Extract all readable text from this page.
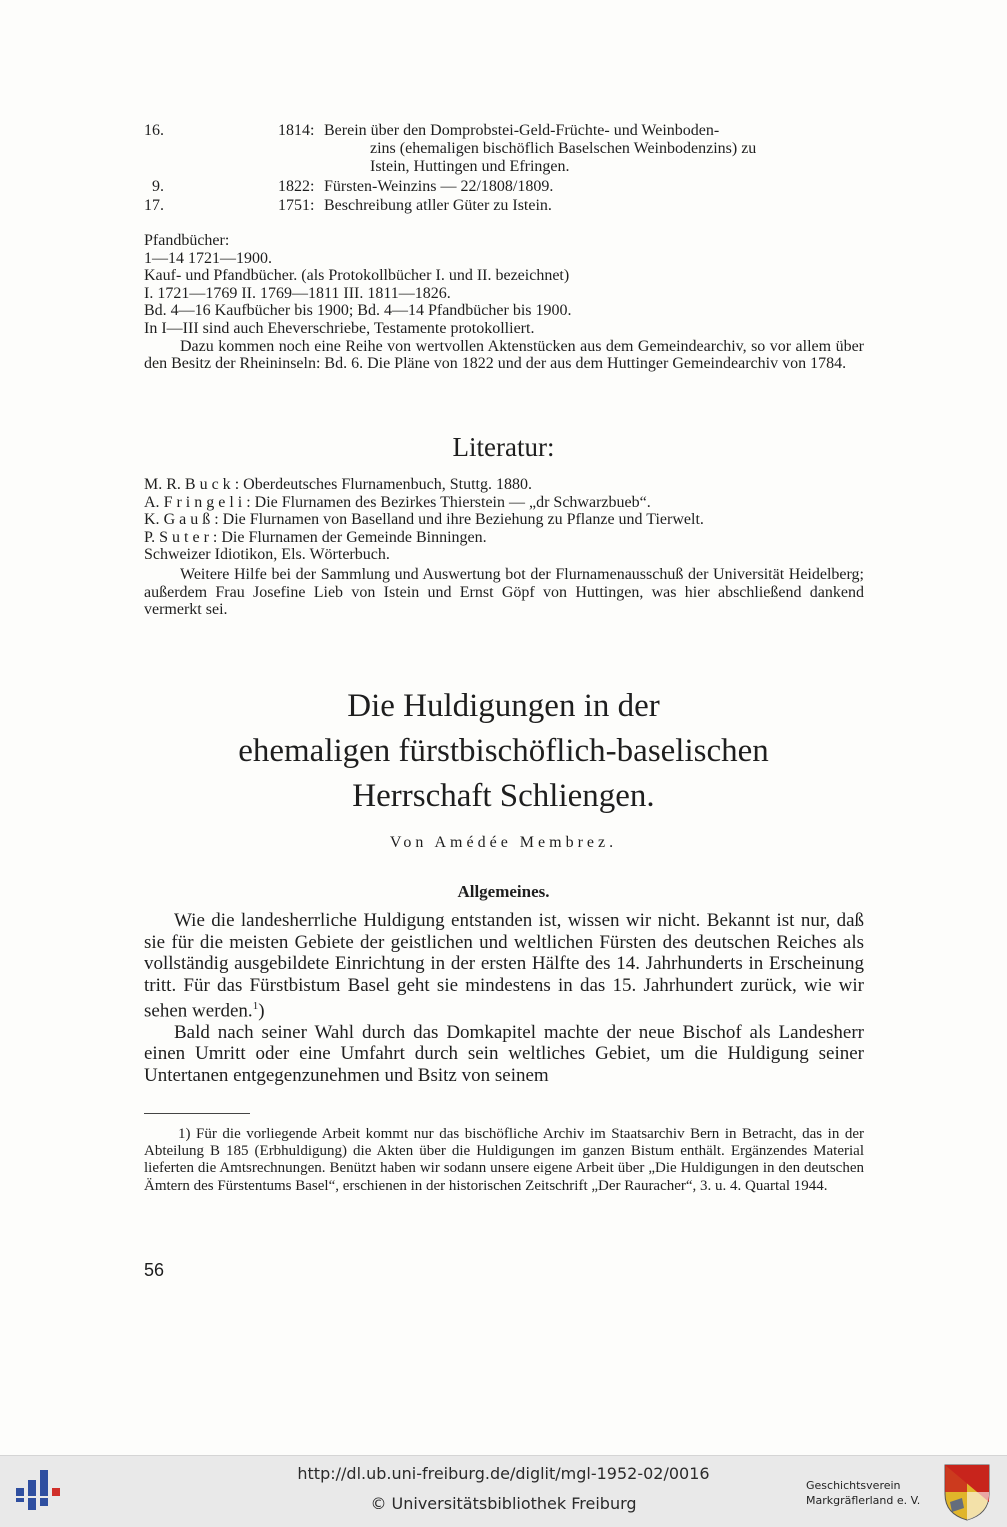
16.	1814: Berein über den Domprobstei-Geld-Früchte- und Weinboden-
zins (ehemaligen bischöflich Baselschen Weinbodenzins) zu
Istein, Huttingen und Efringen.
9.	1822: Fürsten-Weinzins — 22/1808/1809.
17.	1751: Beschreibung atller Güter zu Istein.
Pfandbücher:
1—14 1721—1900.
Kauf- und Pfandbücher. (als Protokollbücher I. und II. bezeichnet)
I. 1721—1769 II. 1769—1811 III. 1811—1826.
Bd. 4—16 Kaufbücher bis 1900; Bd. 4—14 Pfandbücher bis 1900.
In I—III sind auch Eheverschriebe, Testamente protokolliert.

Dazu kommen noch eine Reihe von wertvollen Aktenstücken aus dem Gemeindearchiv, so vor allem über den Besitz der Rheininseln: Bd. 6. Die Pläne von 1822 und der aus dem Huttinger Gemeindearchiv von 1784.

Literatur:
M. R. Buck: Oberdeutsches Flurnamenbuch, Stuttg. 1880.
A. Fringeli: Die Flurnamen des Bezirkes Thierstein — „dr Schwarzbueb“.
K. Gauß: Die Flurnamen von Baselland und ihre Beziehung zu Pflanze und Tierwelt.
P. Suter: Die Flurnamen der Gemeinde Binningen.
Schweizer Idiotikon, Els. Wörterbuch.

Weitere Hilfe bei der Sammlung und Auswertung bot der Flurnamenausschuß der Universität Heidelberg; außerdem Frau Josefine Lieb von Istein und Ernst Göpf von Huttingen, was hier abschließend dankend vermerkt sei.

Die Huldigungen in der
ehemaligen fürstbischöflich-baselischen
Herrschaft Schliengen.
Von Amédée Membrez.
Allgemeines.

Wie die landesherrliche Huldigung entstanden ist, wissen wir nicht. Bekannt ist nur, daß sie für die meisten Gebiete der geistlichen und weltlichen Fürsten des deutschen Reiches als vollständig ausgebildete Einrichtung in der ersten Hälfte des 14. Jahrhunderts in Erscheinung tritt. Für das Fürstbistum Basel geht sie mindestens in das 15. Jahrhundert zurück, wie wir sehen werden.$^1$)

Bald nach seiner Wahl durch das Domkapitel machte der neue Bischof als Landesherr einen Umritt oder eine Umfahrt durch sein weltliches Gebiet, um die Huldigung seiner Untertanen entgegenzunehmen und Bsitz von seinem

1) Für die vorliegende Arbeit kommt nur das bischöfliche Archiv im Staatsarchiv Bern in Betracht, das in der Abteilung B 185 (Erbhuldigung) die Akten über die Huldigungen im ganzen Bistum enthält. Ergänzendes Material lieferten die Amtsrechnungen. Benützt haben wir sodann unsere eigene Arbeit über „Die Huldigungen in den deutschen Ämtern des Fürstentums Basel“, erschienen in der historischen Zeitschrift „Der Rauracher“, 3. u. 4. Quartal 1944.

56
http://dl.ub.uni-freiburg.de/diglit/mgl-1952-02/0016
© Universitätsbibliothek Freiburg
Geschichtsverein
Markgräflerland e. V.
